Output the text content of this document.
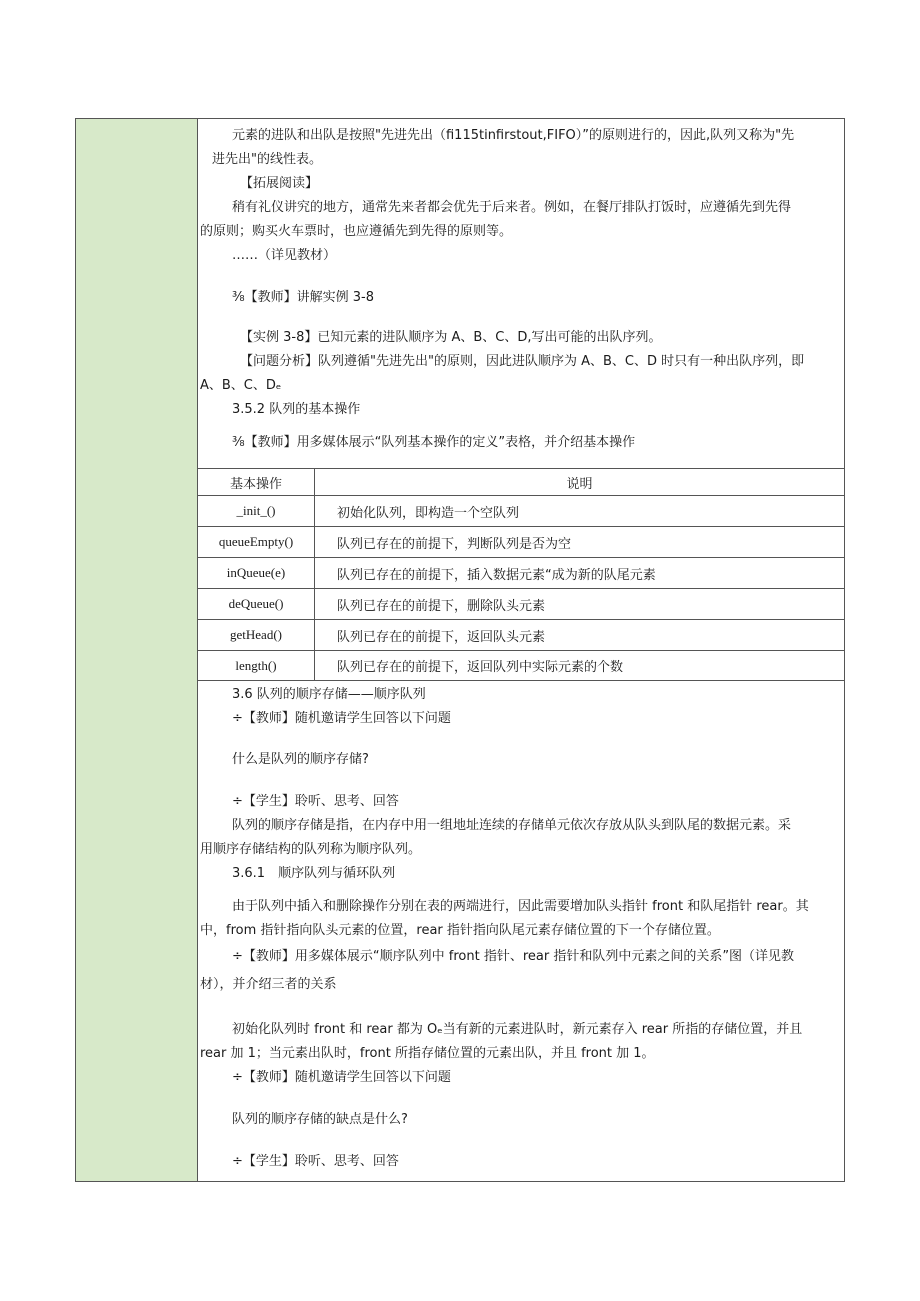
元素的进队和出队是按照"先进先出（fi115tinfirstout,FIFO）”的原则进行的，因此,队列又称为"先
进先出"的线性表。
【拓展阅读】
稍有礼仪讲究的地方，通常先来者都会优先于后来者。例如，在餐厅排队打饭时，应遵循先到先得
的原则；购买火车票时，也应遵循先到先得的原则等。
……（详见教材）
⅜【教师】讲解实例 3-8
【实例 3-8】已知元素的进队顺序为 A、B、C、D,写出可能的出队序列。
【问题分析】队列遵循"先进先出"的原则，因此进队顺序为 A、B、C、D 时只有一种出队序列，即
A、B、C、Dₑ
3.5.2 队列的基本操作
⅜【教师】用多媒体展示“队列基本操作的定义”表格，并介绍基本操作
基本操作	说明
_init_()	初始化队列，即构造一个空队列
queueEmpty()	队列已存在的前提下，判断队列是否为空
inQueue(e)	队列已存在的前提下，插入数据元素“成为新的队尾元素
deQueue()	队列已存在的前提下，删除队头元素
getHead()	队列已存在的前提下，返回队头元素
length()	队列已存在的前提下，返回队列中实际元素的个数
3.6 队列的顺序存储——顺序队列
÷【教师】随机邀请学生回答以下问题
什么是队列的顺序存储?
÷【学生】聆听、思考、回答
队列的顺序存储是指，在内存中用一组地址连续的存储单元依次存放从队头到队尾的数据元素。采
用顺序存储结构的队列称为顺序队列。
3.6.1　顺序队列与循环队列
由于队列中插入和删除操作分别在表的两端进行，因此需要增加队头指针 front 和队尾指针 rear。其
中，from 指针指向队头元素的位置，rear 指针指向队尾元素存储位置的下一个存储位置。
÷【教师】用多媒体展示“顺序队列中 front 指针、rear 指针和队列中元素之间的关系”图（详见教
材），并介绍三者的关系
初始化队列时 front 和 rear 都为 Oₑ当有新的元素进队时，新元素存入 rear 所指的存储位置，并且
rear 加 1；当元素出队时，front 所指存储位置的元素出队，并且 front 加 1。
÷【教师】随机邀请学生回答以下问题
队列的顺序存储的缺点是什么?
÷【学生】聆听、思考、回答
